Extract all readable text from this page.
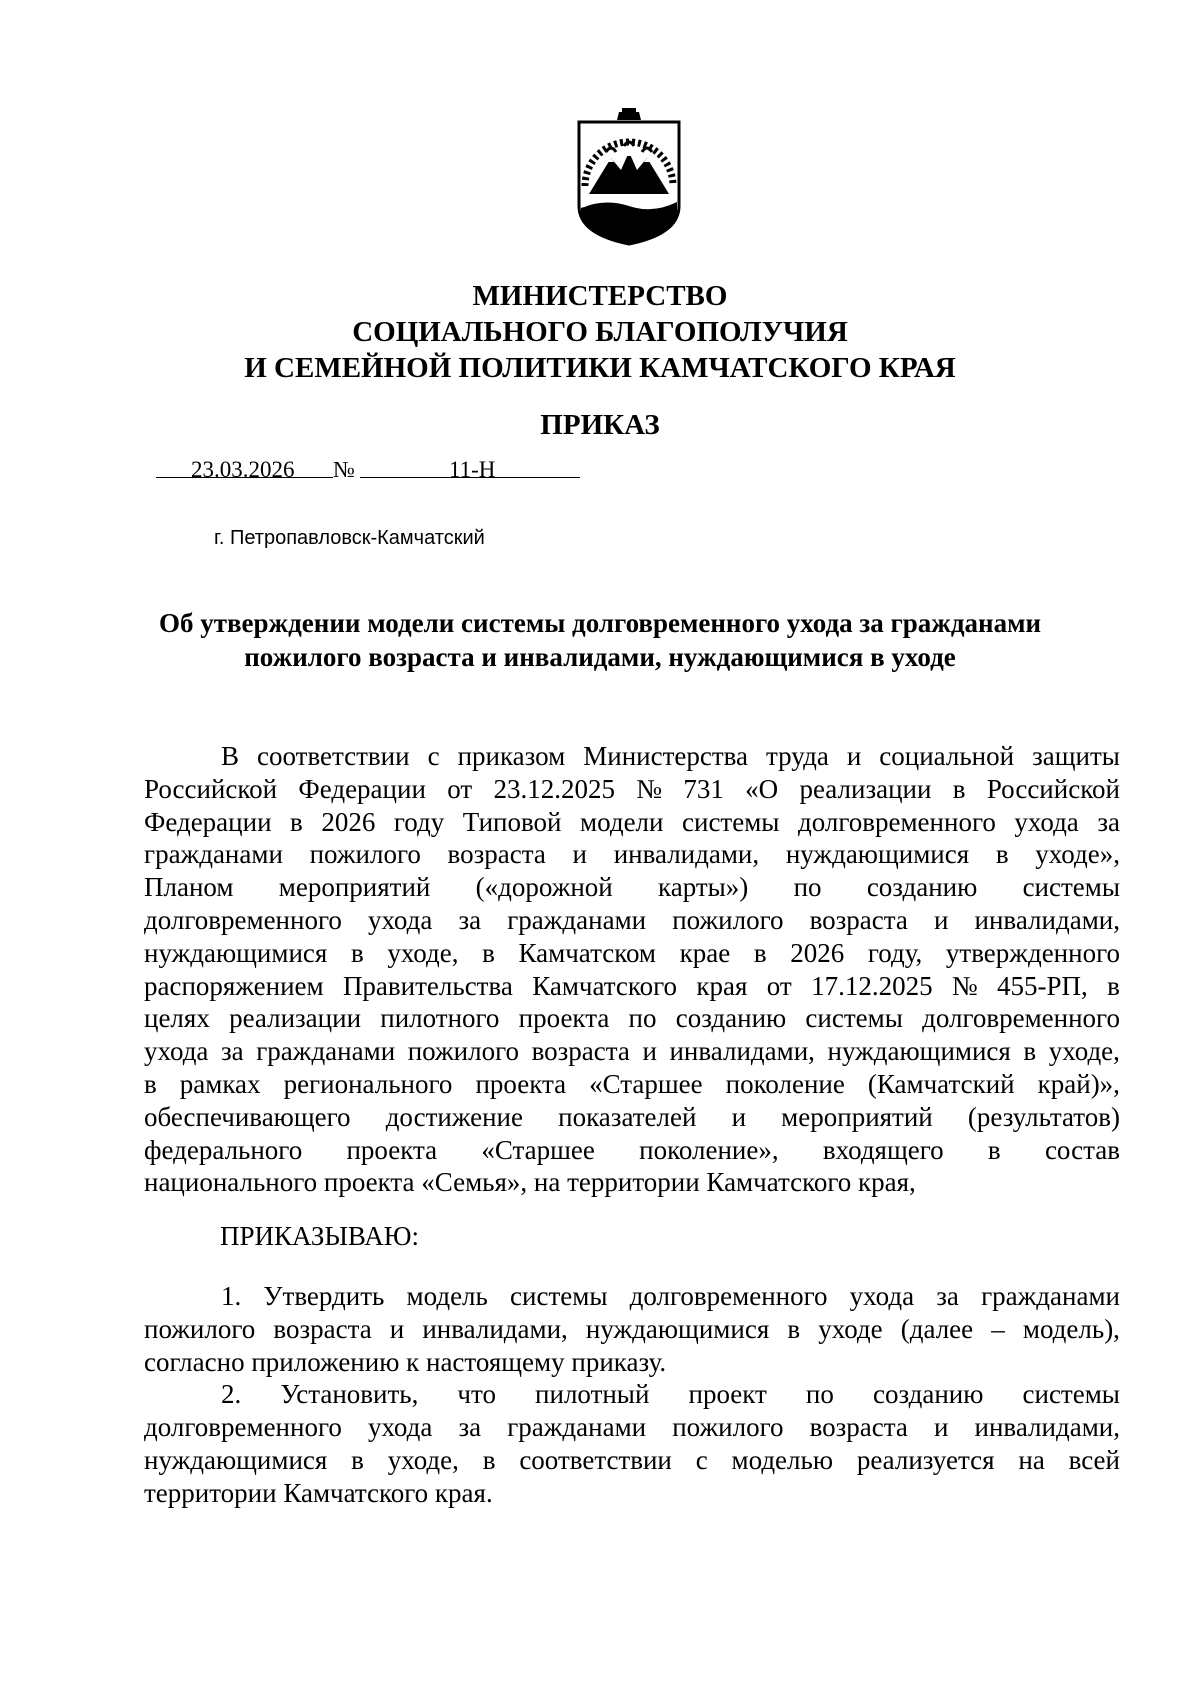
МИНИСТЕРСТВО
СОЦИАЛЬНОГО БЛАГОПОЛУЧИЯ
И СЕМЕЙНОЙ ПОЛИТИКИ КАМЧАТСКОГО КРАЯ
ПРИКАЗ
23.03.2026 №	11-Н
г. Петропавловск-Камчатский
Об утверждении модели системы долговременного ухода за гражданами
пожилого возраста и инвалидами, нуждающимися в уходе
В соответствии с приказом Министерства труда и социальной защиты
Российской Федерации от 23.12.2025 № 731 «О реализации в Российской
Федерации в 2026 году Типовой модели системы долговременного ухода за
гражданами пожилого возраста и инвалидами, нуждающимися в уходе»,
Планом мероприятий («дорожной карты») по созданию системы
долговременного ухода за гражданами пожилого возраста и инвалидами,
нуждающимися в уходе, в Камчатском крае в 2026 году, утвержденного
распоряжением Правительства Камчатского края от 17.12.2025 № 455-РП, в
целях реализации пилотного проекта по созданию системы долговременного
ухода за гражданами пожилого возраста и инвалидами, нуждающимися в уходе,
в рамках регионального проекта «Старшее поколение (Камчатский край)»,
обеспечивающего достижение показателей и мероприятий (результатов)
федерального проекта «Старшее поколение», входящего в состав
национального проекта «Семья», на территории Камчатского края,
ПРИКАЗЫВАЮ:
1. Утвердить модель системы долговременного ухода за гражданами
пожилого возраста и инвалидами, нуждающимися в уходе (далее – модель),
согласно приложению к настоящему приказу.
2. Установить, что пилотный проект по созданию системы
долговременного ухода за гражданами пожилого возраста и инвалидами,
нуждающимися в уходе, в соответствии с моделью реализуется на всей
территории Камчатского края.
